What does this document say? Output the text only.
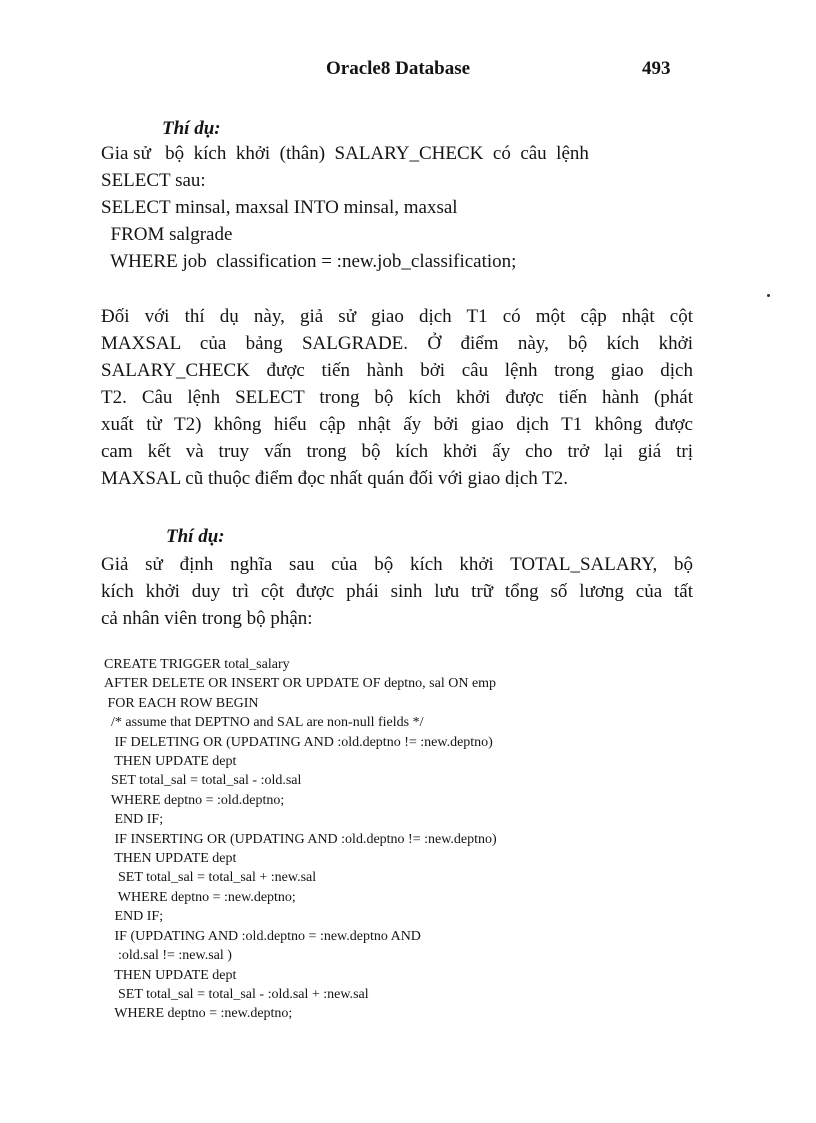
Oracle8 Database	493
Thí dụ:
Gia sử   bộ  kích  khởi  (thân)  SALARY_CHECK  có  câu  lệnh
SELECT sau:
SELECT minsal, maxsal INTO minsal, maxsal
FROM salgrade
WHERE job  classification = :new.job_classification;
Đối với thí dụ này, giả sử giao dịch T1 có một cập nhật cột
MAXSAL của bảng SALGRADE. Ở điểm này, bộ kích khởi
SALARY_CHECK được tiến hành bởi câu lệnh trong giao dịch
T2. Câu lệnh SELECT trong bộ kích khởi được tiến hành (phát
xuất từ T2) không hiểu cập nhật ấy bởi giao dịch T1 không được
cam kết và truy vấn trong bộ kích khởi ấy cho trở lại giá trị
MAXSAL cũ thuộc điểm đọc nhất quán đối với giao dịch T2.
Thí dụ:
Giả sử định nghĩa sau của bộ kích khởi TOTAL_SALARY, bộ
kích khởi duy trì cột được phái sinh lưu trữ tổng số lương của tất
cả nhân viên trong bộ phận:
CREATE TRIGGER total_salary
AFTER DELETE OR INSERT OR UPDATE OF deptno, sal ON emp
FOR EACH ROW BEGIN
/* assume that DEPTNO and SAL are non-null fields */
IF DELETING OR (UPDATING AND :old.deptno != :new.deptno)
THEN UPDATE dept
SET total_sal = total_sal - :old.sal
WHERE deptno = :old.deptno;
END IF;
IF INSERTING OR (UPDATING AND :old.deptno != :new.deptno)
THEN UPDATE dept
SET total_sal = total_sal + :new.sal
WHERE deptno = :new.deptno;
END IF;
IF (UPDATING AND :old.deptno = :new.deptno AND
:old.sal != :new.sal )
THEN UPDATE dept
SET total_sal = total_sal - :old.sal + :new.sal
WHERE deptno = :new.deptno;
